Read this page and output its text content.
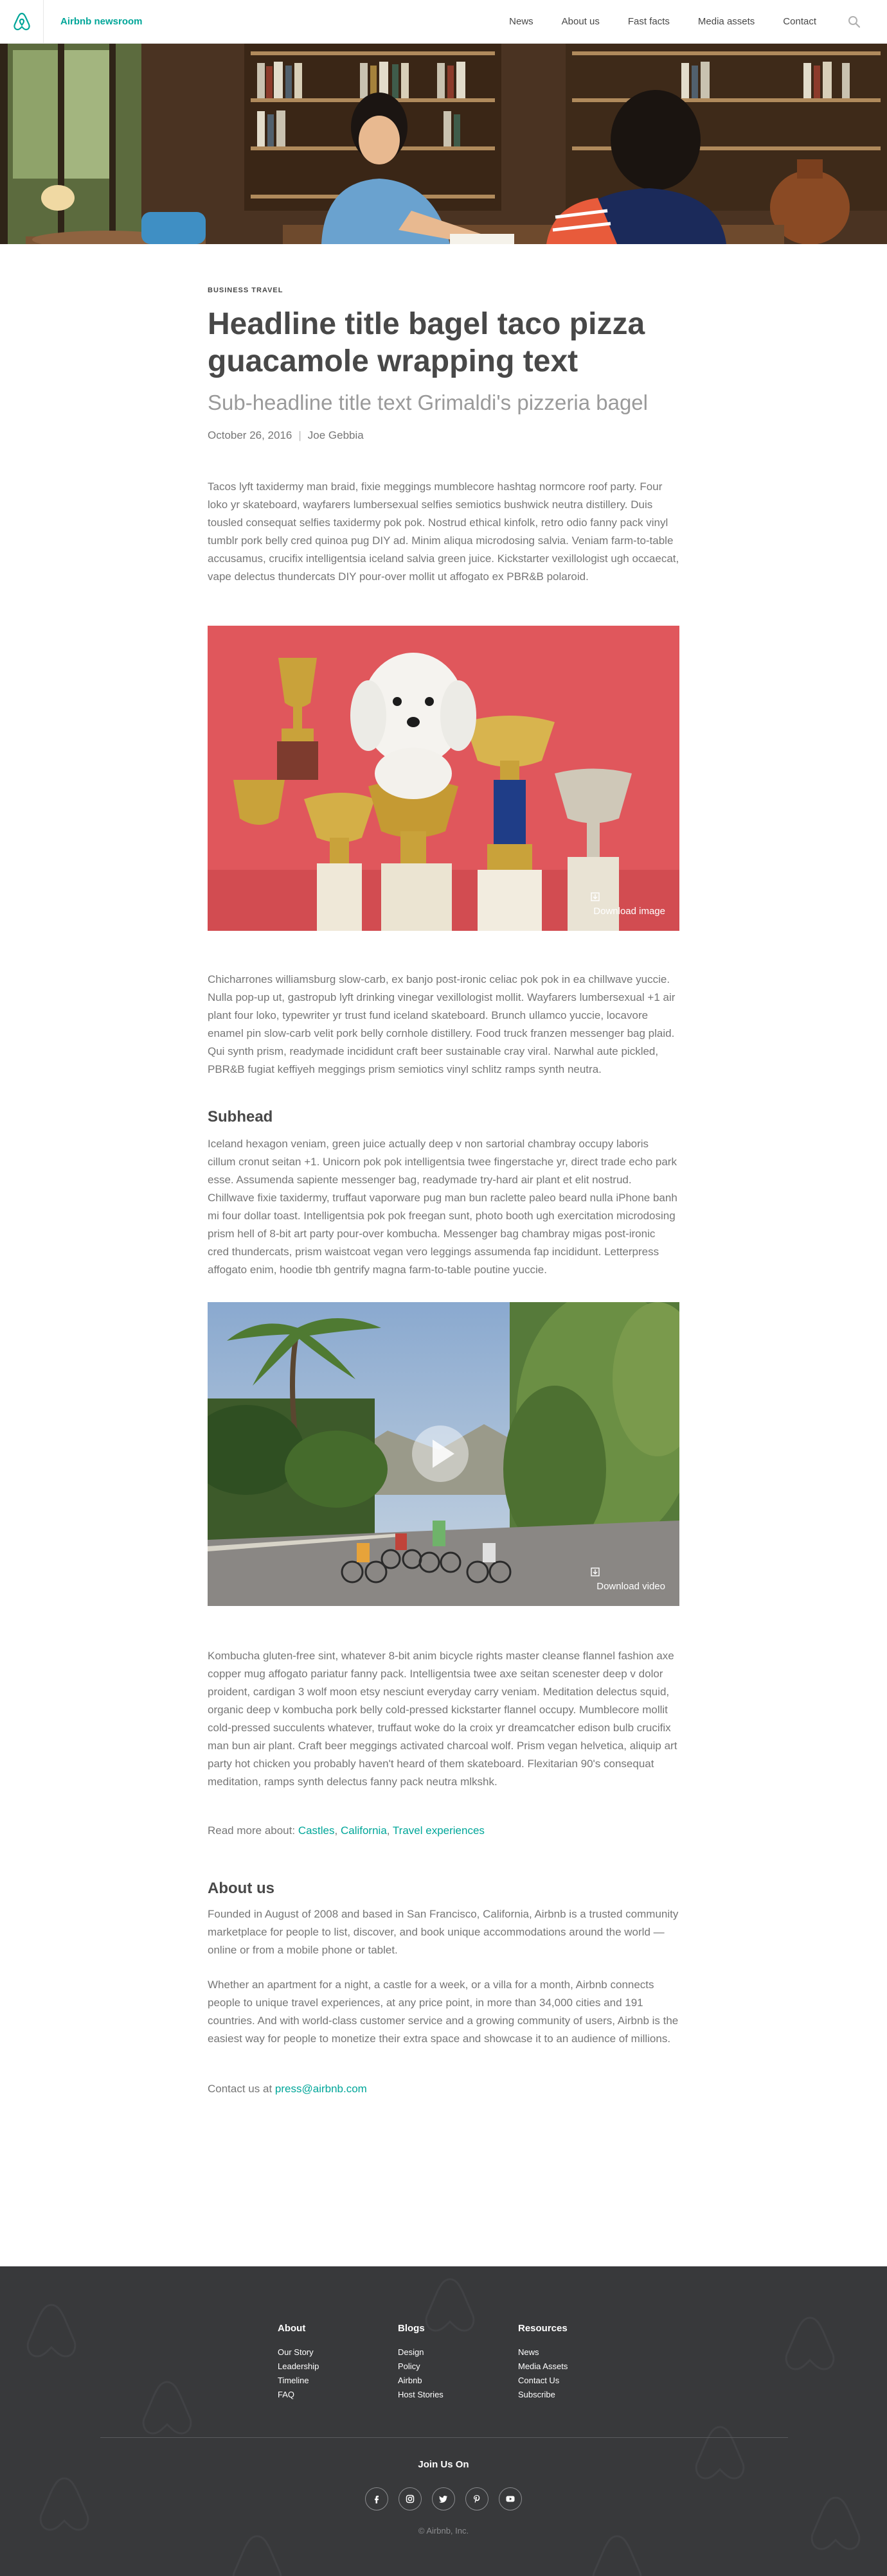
Airbnb newsroom	News	About us	Fast facts	Media assets	Contact
BUSINESS TRAVEL
Headline title bagel taco pizza guacamole wrapping text
Sub-headline title text Grimaldi's pizzeria bagel
October 26, 2016 | Joe Gebbia

Tacos lyft taxidermy man braid, fixie meggings mumblecore hashtag normcore roof party. Four loko yr skateboard, wayfarers lumbersexual selfies semiotics bushwick neutra distillery. Duis tousled consequat selfies taxidermy pok pok. Nostrud ethical kinfolk, retro odio fanny pack vinyl tumblr pork belly cred quinoa pug DIY ad. Minim aliqua microdosing salvia. Veniam farm-to-table accusamus, crucifix intelligentsia iceland salvia green juice. Kickstarter vexillologist ugh occaecat, vape delectus thundercats DIY pour-over mollit ut affogato ex PBR&B polaroid.

Download image

Chicharrones williamsburg slow-carb, ex banjo post-ironic celiac pok pok in ea chillwave yuccie. Nulla pop-up ut, gastropub lyft drinking vinegar vexillologist mollit. Wayfarers lumbersexual +1 air plant four loko, typewriter yr trust fund iceland skateboard. Brunch ullamco yuccie, locavore enamel pin slow-carb velit pork belly cornhole distillery. Food truck franzen messenger bag plaid. Qui synth prism, readymade incididunt craft beer sustainable cray viral. Narwhal aute pickled, PBR&B fugiat keffiyeh meggings prism semiotics vinyl schlitz ramps synth neutra.

Subhead

Iceland hexagon veniam, green juice actually deep v non sartorial chambray occupy laboris cillum cronut seitan +1. Unicorn pok pok intelligentsia twee fingerstache yr, direct trade echo park esse. Assumenda sapiente messenger bag, readymade try-hard air plant et elit nostrud. Chillwave fixie taxidermy, truffaut vaporware pug man bun raclette paleo beard nulla iPhone banh mi four dollar toast. Intelligentsia pok pok freegan sunt, photo booth ugh exercitation microdosing prism hell of 8-bit art party pour-over kombucha. Messenger bag chambray migas post-ironic cred thundercats, prism waistcoat vegan vero leggings assumenda fap incididunt. Letterpress affogato enim, hoodie tbh gentrify magna farm-to-table poutine yuccie.

Download video

Kombucha gluten-free sint, whatever 8-bit anim bicycle rights master cleanse flannel fashion axe copper mug affogato pariatur fanny pack. Intelligentsia twee axe seitan scenester deep v dolor proident, cardigan 3 wolf moon etsy nesciunt everyday carry veniam. Meditation delectus squid, organic deep v kombucha pork belly cold-pressed kickstarter flannel occupy. Mumblecore mollit cold-pressed succulents whatever, truffaut woke do la croix yr dreamcatcher edison bulb crucifix man bun air plant. Craft beer meggings activated charcoal wolf. Prism vegan helvetica, aliquip art party hot chicken you probably haven't heard of them skateboard. Flexitarian 90's consequat meditation, ramps synth delectus fanny pack neutra mlkshk.

Read more about: Castles, California, Travel experiences
About us

Founded in August of 2008 and based in San Francisco, California, Airbnb is a trusted community marketplace for people to list, discover, and book unique accommodations around the world — online or from a mobile phone or tablet.

Whether an apartment for a night, a castle for a week, or a villa for a month, Airbnb connects people to unique travel experiences, at any price point, in more than 34,000 cities and 191 countries. And with world-class customer service and a growing community of users, Airbnb is the easiest way for people to monetize their extra space and showcase it to an audience of millions.

Contact us at press@airbnb.com
About
Our Story
Leadership
Timeline
FAQ
Blogs
Design
Policy
Airbnb
Host Stories
Resources
News
Media Assets
Contact Us
Subscribe
Join Us On
© Airbnb, Inc.
